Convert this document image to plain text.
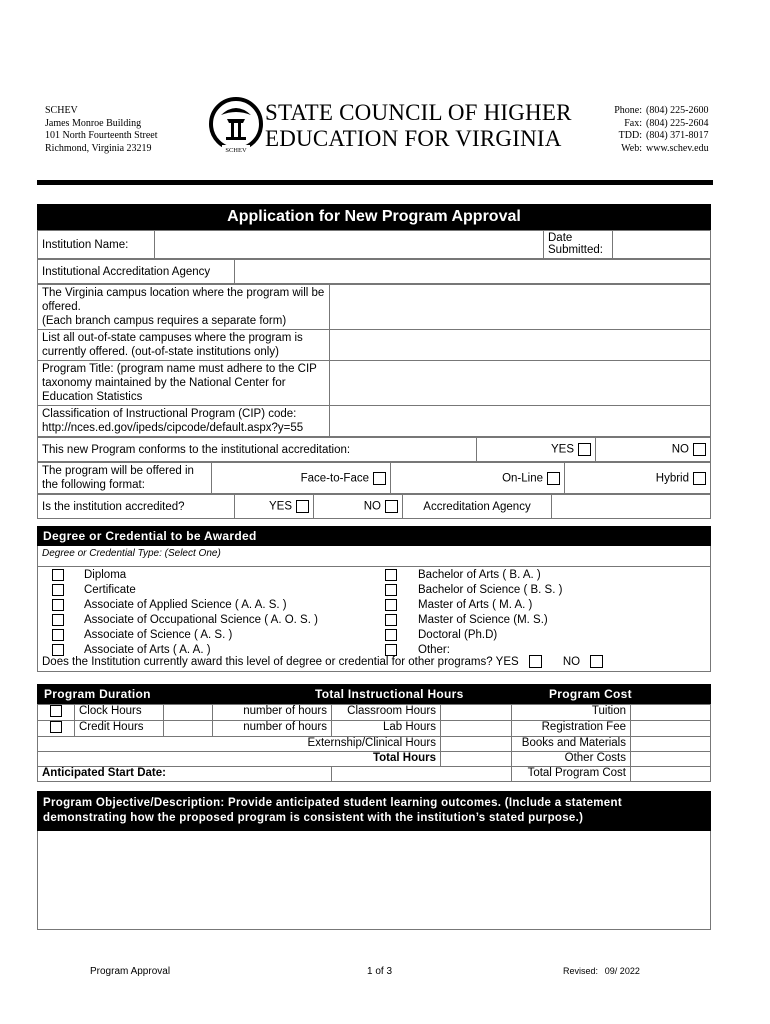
SCHEV
James Monroe Building
101 North Fourteenth Street
Richmond, Virginia 23219	SCHEV
STATE COUNCIL OF HIGHER
EDUCATION FOR VIRGINIA
Phone: (804) 225-2600
Fax: (804) 225-2604
TDD: (804) 371-8017
Web: www.schev.edu
Application for New Program Approval
Institution Name:		Date Submitted:	
Institutional Accreditation Agency	
The Virginia campus location where the program will be offered.
(Each branch campus requires a separate form)	

List all out-of-state campuses where the program is currently offered. (out-of-state institutions only)	
Program Title: (program name must adhere to the CIP taxonomy maintained by the National Center for Education Statistics	
Classification of Instructional Program (CIP) code: http://nces.ed.gov/ipeds/cipcode/default.aspx?y=55	
This new Program conforms to the institutional accreditation:	YES	NO
The program will be offered in the following format:	Face-to-Face	On-Line	Hybrid
Is the institution accredited?	YES	NO	Accreditation Agency	
Degree or Credential to be Awarded
Degree or Credential Type: (Select One)
Diploma
Certificate
Associate of Applied Science ( A. A. S. )
Associate of Occupational Science ( A. O. S. )
Associate of Science ( A. S. )
Associate of Arts ( A. A. )
Bachelor of Arts ( B. A. )
Bachelor of Science ( B. S. )
Master of Arts ( M. A. )
Master of Science (M. S.)
Doctoral (Ph.D)
Other:
Does the Institution currently award this level of degree or credential for other programs? YES	NO
Program Duration	Total Instructional Hours	Program Cost
	Clock Hours		number of hours	Classroom Hours		Tuition	
	Credit Hours		number of hours	Lab Hours		Registration Fee	
Externship/Clinical Hours						Books and Materials	
Total Hours						Other Costs	
Anticipated Start Date:						Total Program Cost	
Program Objective/Description: Provide anticipated student learning outcomes. (Include a statement demonstrating how the proposed program is consistent with the institution’s stated purpose.)
Program Approval	1 of 3	Revised: 09/ 2022
